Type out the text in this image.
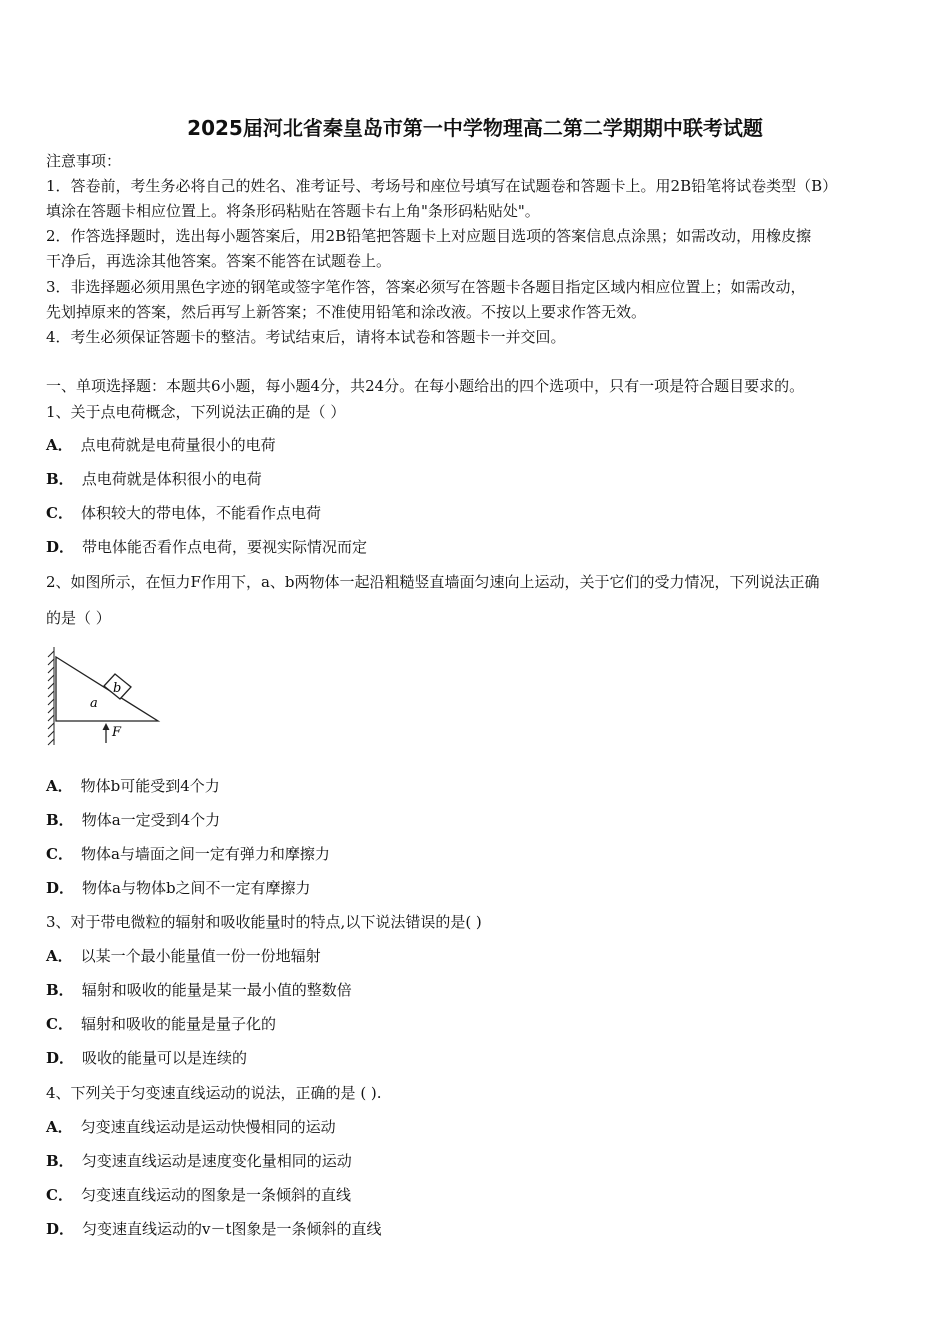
2025届河北省秦皇岛市第一中学物理高二第二学期期中联考试题
注意事项：
1．答卷前，考生务必将自己的姓名、准考证号、考场号和座位号填写在试题卷和答题卡上。用2B铅笔将试卷类型（B）
填涂在答题卡相应位置上。将条形码粘贴在答题卡右上角"条形码粘贴处"。
2．作答选择题时，选出每小题答案后，用2B铅笔把答题卡上对应题目选项的答案信息点涂黑；如需改动，用橡皮擦
干净后，再选涂其他答案。答案不能答在试题卷上。
3．非选择题必须用黑色字迹的钢笔或签字笔作答，答案必须写在答题卡各题目指定区域内相应位置上；如需改动，
先划掉原来的答案，然后再写上新答案；不准使用铅笔和涂改液。不按以上要求作答无效。
4．考生必须保证答题卡的整洁。考试结束后，请将本试卷和答题卡一并交回。
一、单项选择题：本题共6小题，每小题4分，共24分。在每小题给出的四个选项中，只有一项是符合题目要求的。
1、关于点电荷概念，下列说法正确的是（ ）
A． 点电荷就是电荷量很小的电荷
B． 点电荷就是体积很小的电荷
C． 体积较大的带电体，不能看作点电荷
D． 带电体能否看作点电荷，要视实际情况而定
2、如图所示，在恒力F作用下，a、b两物体一起沿粗糙竖直墙面匀速向上运动，关于它们的受力情况，下列说法正确
的是（ ）
b
a
F
A． 物体b可能受到4个力
B． 物体a一定受到4个力
C． 物体a与墙面之间一定有弹力和摩擦力
D． 物体a与物体b之间不一定有摩擦力
3、对于带电微粒的辐射和吸收能量时的特点,以下说法错误的是( )
A． 以某一个最小能量值一份一份地辐射
B． 辐射和吸收的能量是某一最小值的整数倍
C． 辐射和吸收的能量是量子化的
D． 吸收的能量可以是连续的
4、下列关于匀变速直线运动的说法，正确的是 ( ).
A． 匀变速直线运动是运动快慢相同的运动
B． 匀变速直线运动是速度变化量相同的运动
C． 匀变速直线运动的图象是一条倾斜的直线
D． 匀变速直线运动的v－t图象是一条倾斜的直线
